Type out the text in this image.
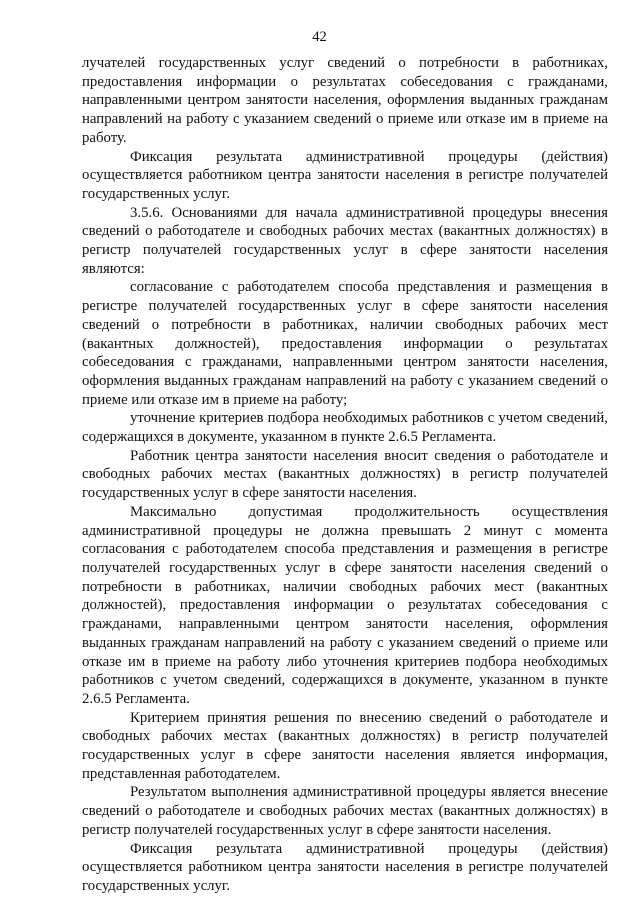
42

лучателей государственных услуг сведений о потребности в работниках, предоставления информации о результатах собеседования с гражданами, направленными центром занятости населения, оформления выданных гражданам направлений на работу с указанием сведений о приеме или отказе им в приеме на работу.

Фиксация результата административной процедуры (действия) осуществляется работником центра занятости населения в регистре получателей государственных услуг.

3.5.6. Основаниями для начала административной процедуры внесения сведений о работодателе и свободных рабочих местах (вакантных должностях) в регистр получателей государственных услуг в сфере занятости населения являются:

согласование с работодателем способа представления и размещения в регистре получателей государственных услуг в сфере занятости населения сведений о потребности в работниках, наличии свободных рабочих мест (вакантных должностей), предоставления информации о результатах собеседования с гражданами, направленными центром занятости населения, оформления выданных гражданам направлений на работу с указанием сведений о приеме или отказе им в приеме на работу;

уточнение критериев подбора необходимых работников с учетом сведений, содержащихся в документе, указанном в пункте 2.6.5 Регламента.

Работник центра занятости населения вносит сведения о работодателе и свободных рабочих местах (вакантных должностях) в регистр получателей государственных услуг в сфере занятости населения.

Максимально допустимая продолжительность осуществления административной процедуры не должна превышать 2 минут с момента согласования с работодателем способа представления и размещения в регистре получателей государственных услуг в сфере занятости населения сведений о потребности в работниках, наличии свободных рабочих мест (вакантных должностей), предоставления информации о результатах собеседования с гражданами, направленными центром занятости населения, оформления выданных гражданам направлений на работу с указанием сведений о приеме или отказе им в приеме на работу либо уточнения критериев подбора необходимых работников с учетом сведений, содержащихся в документе, указанном в пункте 2.6.5 Регламента.

Критерием принятия решения по внесению сведений о работодателе и свободных рабочих местах (вакантных должностях) в регистр получателей государственных услуг в сфере занятости населения является информация, представленная работодателем.

Результатом выполнения административной процедуры является внесение сведений о работодателе и свободных рабочих местах (вакантных должностях) в регистр получателей государственных услуг в сфере занятости населения.

Фиксация результата административной процедуры (действия) осуществляется работником центра занятости населения в регистре получателей государственных услуг.
